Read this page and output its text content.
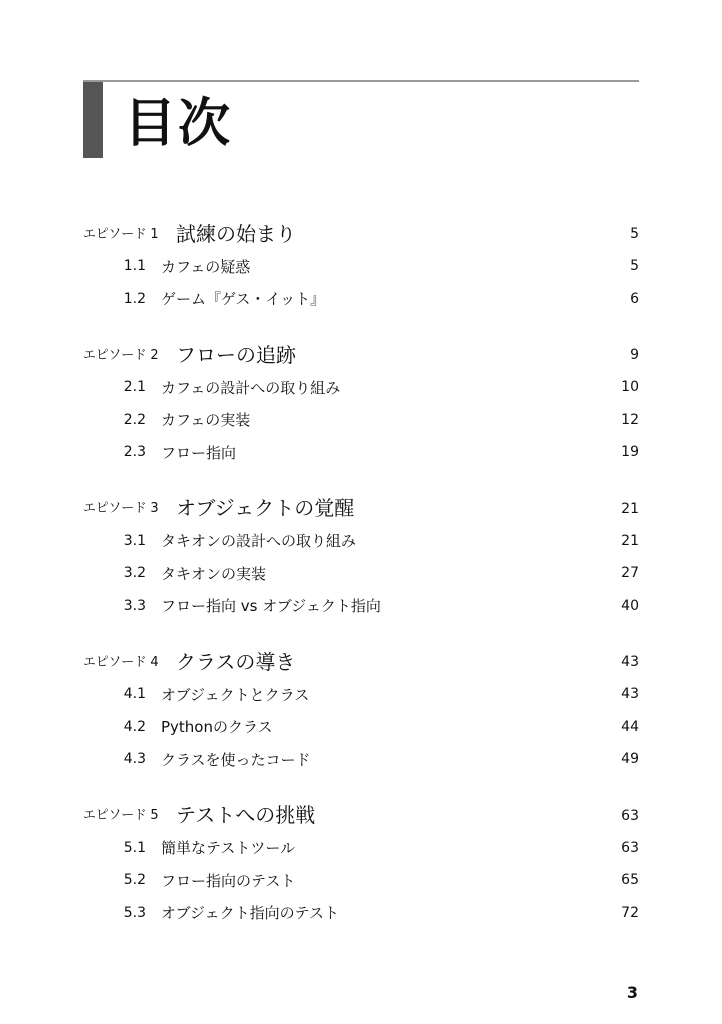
目次
エピソード 1 試練の始まり	5
1.1	カフェの疑惑	5
1.2	ゲーム『ゲス・イット』	6
エピソード 2 フローの追跡	9
2.1	カフェの設計への取り組み	10
2.2	カフェの実装	12
2.3	フロー指向	19
エピソード 3 オブジェクトの覚醒	21
3.1	タキオンの設計への取り組み	21
3.2	タキオンの実装	27
3.3	フロー指向 vs オブジェクト指向	40
エピソード 4 クラスの導き	43
4.1	オブジェクトとクラス	43
4.2	Pythonのクラス	44
4.3	クラスを使ったコード	49
エピソード 5 テストへの挑戦	63
5.1	簡単なテストツール	63
5.2	フロー指向のテスト	65
5.3	オブジェクト指向のテスト	72
3
